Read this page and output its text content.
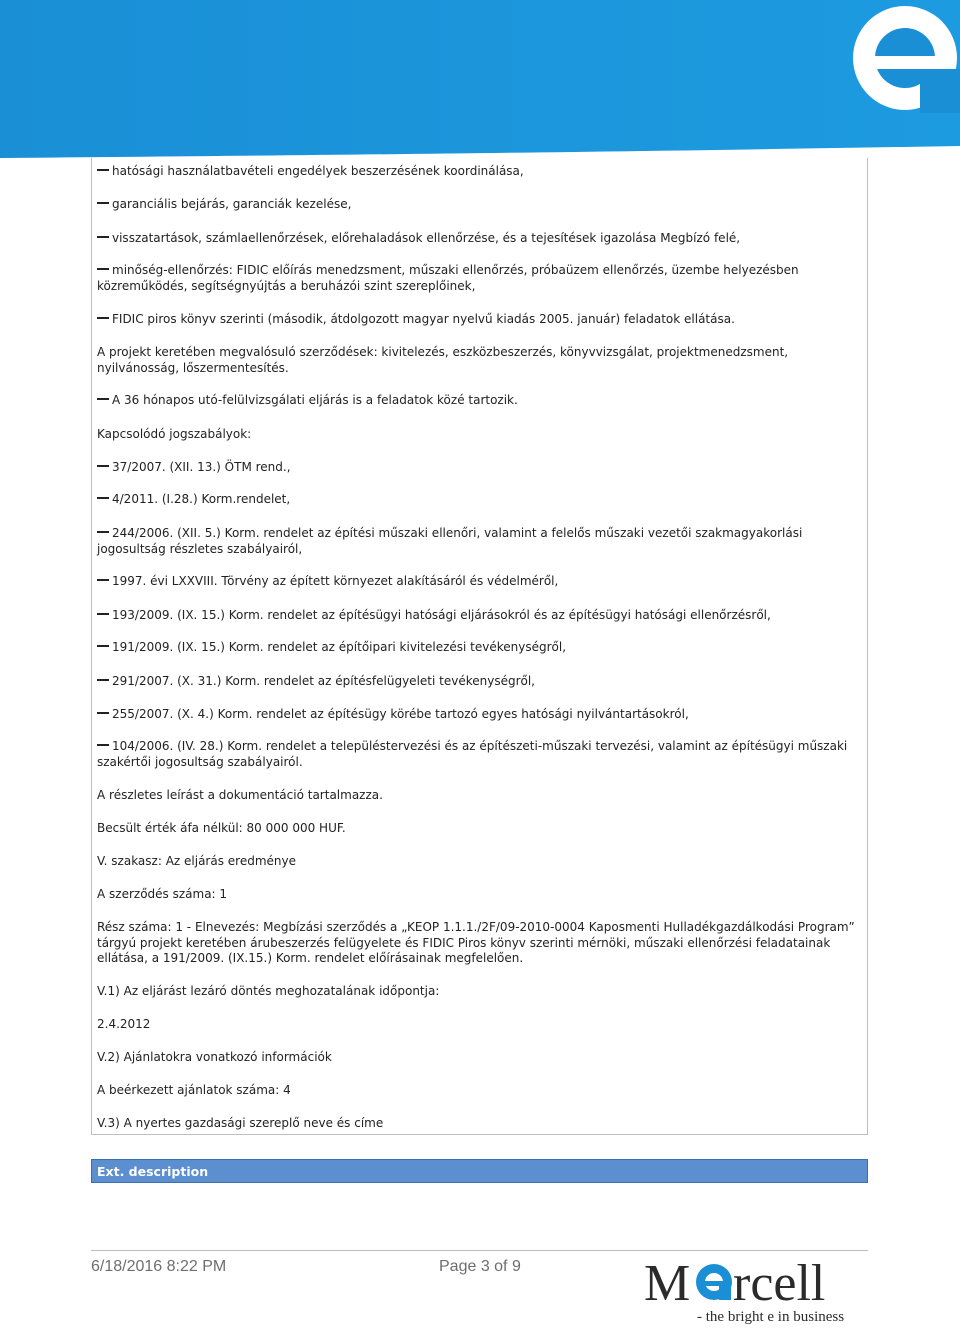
hatósági használatbavételi engedélyek beszerzésének koordinálása,

garanciális bejárás, garanciák kezelése,

visszatartások, számlaellenőrzések, előrehaladások ellenőrzése, és a tejesítések igazolása Megbízó felé,

minőség-ellenőrzés: FIDIC előírás menedzsment, műszaki ellenőrzés, próbaüzem ellenőrzés, üzembe helyezésben közreműködés, segítségnyújtás a beruházói szint szereplőinek,

FIDIC piros könyv szerinti (második, átdolgozott magyar nyelvű kiadás 2005. január) feladatok ellátása.

A projekt keretében megvalósuló szerződések: kivitelezés, eszközbeszerzés, könyvvizsgálat, projektmenedzsment, nyilvánosság, lőszermentesítés.

A 36 hónapos utó-felülvizsgálati eljárás is a feladatok közé tartozik.

Kapcsolódó jogszabályok:

37/2007. (XII. 13.) ÖTM rend.,

4/2011. (I.28.) Korm.rendelet,

244/2006. (XII. 5.) Korm. rendelet az építési műszaki ellenőri, valamint a felelős műszaki vezetői szakmagyakorlási jogosultság részletes szabályairól,

1997. évi LXXVIII. Törvény az épített környezet alakításáról és védelméről,

193/2009. (IX. 15.) Korm. rendelet az építésügyi hatósági eljárásokról és az építésügyi hatósági ellenőrzésről,

191/2009. (IX. 15.) Korm. rendelet az építőipari kivitelezési tevékenységről,

291/2007. (X. 31.) Korm. rendelet az építésfelügyeleti tevékenységről,

255/2007. (X. 4.) Korm. rendelet az építésügy körébe tartozó egyes hatósági nyilvántartásokról,

104/2006. (IV. 28.) Korm. rendelet a településtervezési és az építészeti-műszaki tervezési, valamint az építésügyi műszaki szakértői jogosultság szabályairól.

A részletes leírást a dokumentáció tartalmazza.

Becsült érték áfa nélkül: 80 000 000 HUF.

V. szakasz: Az eljárás eredménye

A szerződés száma: 1

Rész száma: 1 - Elnevezés: Megbízási szerződés a „KEOP 1.1.1./2F/09-2010-0004 Kaposmenti Hulladékgazdálkodási Program” tárgyú projekt keretében árubeszerzés felügyelete és FIDIC Piros könyv szerinti mérnöki, műszaki ellenőrzési feladatainak ellátása, a 191/2009. (IX.15.) Korm. rendelet előírásainak megfelelően.

V.1) Az eljárást lezáró döntés meghozatalának időpontja:

2.4.2012

V.2) Ajánlatokra vonatkozó információk

A beérkezett ajánlatok száma: 4

V.3) A nyertes gazdasági szereplő neve és címe

Ext. description
6/18/2016 8:22 PM	Page 3 of 9 M rcell
- the bright e in business
